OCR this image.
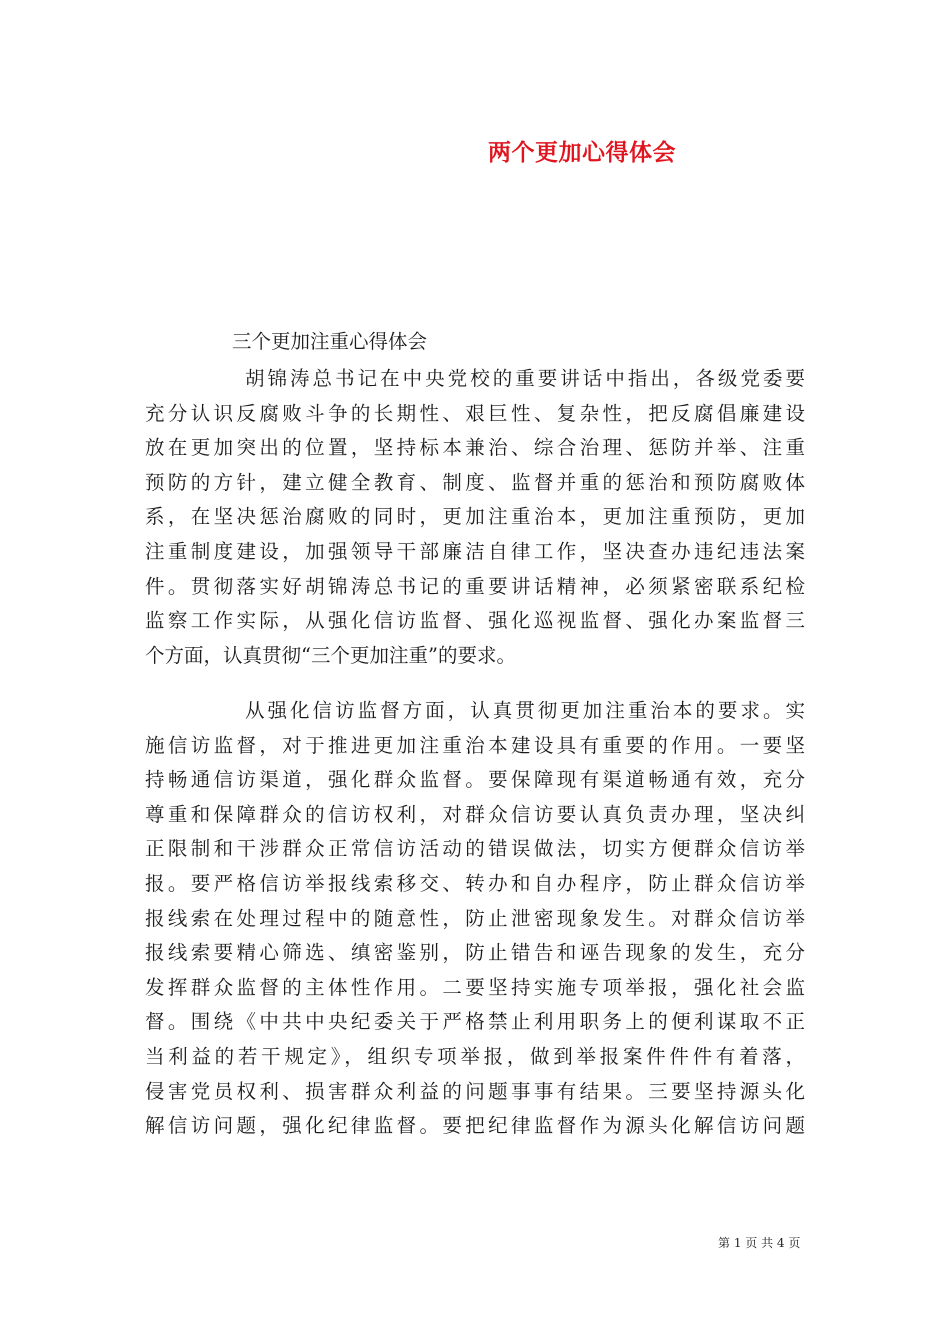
两个更加心得体会

三个更加注重心得体会

胡锦涛总书记在中央党校的重要讲话中指出，各级党委要
充分认识反腐败斗争的长期性、艰巨性、复杂性，把反腐倡廉建设
放在更加突出的位置，坚持标本兼治、综合治理、惩防并举、注重
预防的方针，建立健全教育、制度、监督并重的惩治和预防腐败体
系，在坚决惩治腐败的同时，更加注重治本，更加注重预防，更加
注重制度建设，加强领导干部廉洁自律工作，坚决查办违纪违法案
件。贯彻落实好胡锦涛总书记的重要讲话精神，必须紧密联系纪检
监察工作实际，从强化信访监督、强化巡视监督、强化办案监督三
个方面，认真贯彻“三个更加注重”的要求。
从强化信访监督方面，认真贯彻更加注重治本的要求。实
施信访监督，对于推进更加注重治本建设具有重要的作用。一要坚
持畅通信访渠道，强化群众监督。要保障现有渠道畅通有效，充分
尊重和保障群众的信访权利，对群众信访要认真负责办理，坚决纠
正限制和干涉群众正常信访活动的错误做法，切实方便群众信访举
报。要严格信访举报线索移交、转办和自办程序，防止群众信访举
报线索在处理过程中的随意性，防止泄密现象发生。对群众信访举
报线索要精心筛选、缜密鉴别，防止错告和诬告现象的发生，充分
发挥群众监督的主体性作用。二要坚持实施专项举报，强化社会监
督。围绕《中共中央纪委关于严格禁止利用职务上的便利谋取不正
当利益的若干规定》，组织专项举报，做到举报案件件件有着落，
侵害党员权利、损害群众利益的问题事事有结果。三要坚持源头化
解信访问题，强化纪律监督。要把纪律监督作为源头化解信访问题

第 1 页 共 4 页
